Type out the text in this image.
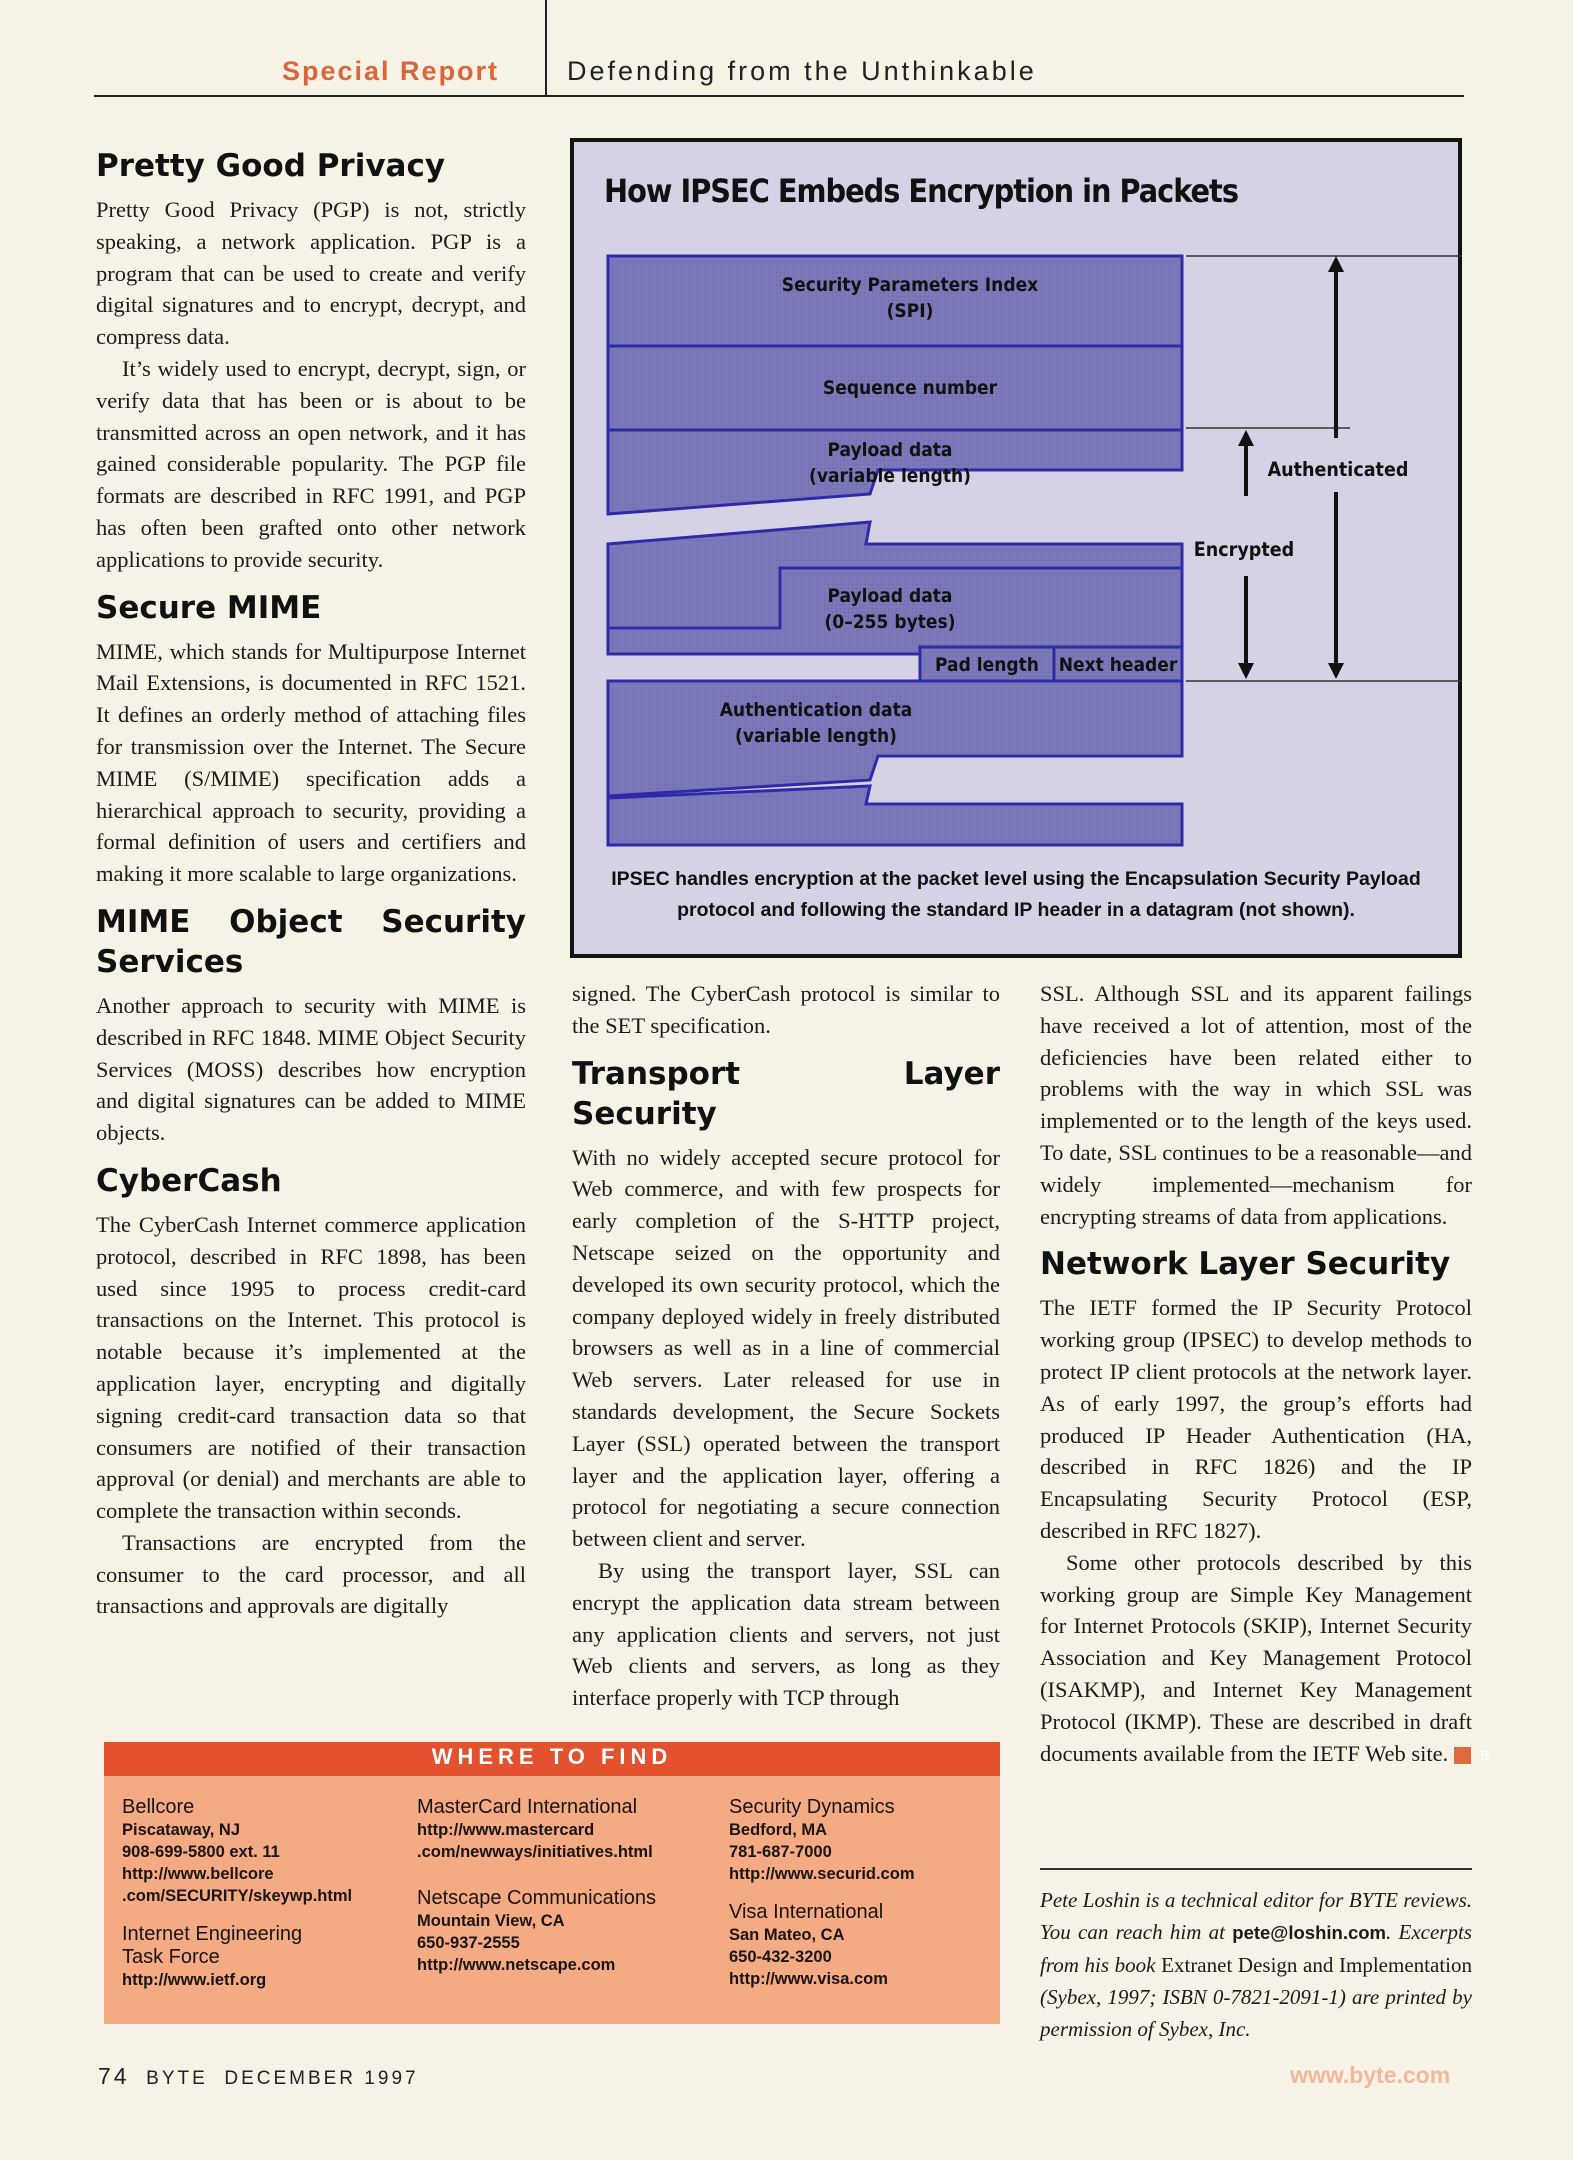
Special Report	Defending from the Unthinkable
Pretty Good Privacy

Pretty Good Privacy (PGP) is not, strictly speaking, a network application. PGP is a program that can be used to create and verify digital signatures and to encrypt, decrypt, and compress data.

It’s widely used to encrypt, decrypt, sign, or verify data that has been or is about to be transmitted across an open network, and it has gained considerable popularity. The PGP file formats are described in RFC 1991, and PGP has often been grafted onto other network applications to provide security.

Secure MIME

MIME, which stands for Multipurpose Internet Mail Extensions, is documented in RFC 1521. It defines an orderly method of attaching files for transmission over the Internet. The Secure MIME (S/MIME) specification adds a hierarchical approach to security, providing a formal definition of users and certifiers and making it more scalable to large organizations.

MIME Object Security Services

Another approach to security with MIME is described in RFC 1848. MIME Object Security Services (MOSS) describes how encryption and digital signatures can be added to MIME objects.

CyberCash

The CyberCash Internet commerce application protocol, described in RFC 1898, has been used since 1995 to process credit-card transactions on the Internet. This protocol is notable because it’s implemented at the application layer, encrypting and digitally signing credit-card transaction data so that consumers are notified of their transaction approval (or denial) and merchants are able to complete the transaction within seconds.

Transactions are encrypted from the consumer to the card processor, and all transactions and approvals are digitally

How IPSEC Embeds Encryption in Packets
Security Parameters Index
(SPI)
Sequence number
Payload data
(variable length)
Payload data
(0–255 bytes)
Pad length Next header
Authentication data
(variable length)
Authenticated
Encrypted
IPSEC handles encryption at the packet level using the Encapsulation Security Payload protocol and following the standard IP header in a datagram (not shown).

signed. The CyberCash protocol is similar to the SET specification.

Transport Layer Security

With no widely accepted secure protocol for Web commerce, and with few prospects for early completion of the S-HTTP project, Netscape seized on the opportunity and developed its own security protocol, which the company deployed widely in freely distributed browsers as well as in a line of commercial Web servers. Later released for use in standards development, the Secure Sockets Layer (SSL) operated between the transport layer and the application layer, offering a protocol for negotiating a secure connection between client and server.

By using the transport layer, SSL can encrypt the application data stream between any application clients and servers, not just Web clients and servers, as long as they interface properly with TCP through

SSL. Although SSL and its apparent failings have received a lot of attention, most of the deficiencies have been related either to problems with the way in which SSL was implemented or to the length of the keys used. To date, SSL continues to be a reasonable—and widely implemented—mechanism for encrypting streams of data from applications.

Network Layer Security

The IETF formed the IP Security Protocol working group (IPSEC) to develop methods to protect IP client protocols at the network layer. As of early 1997, the group’s efforts had produced IP Header Authentication (HA, described in RFC 1826) and the IP Encapsulating Security Protocol (ESP, described in RFC 1827).

Some other protocols described by this working group are Simple Key Management for Internet Protocols (SKIP), Internet Security Association and Key Management Protocol (ISAKMP), and Internet Key Management Protocol (IKMP). These are described in draft documents available from the IETF Web site. B

WHERE TO FIND
Bellcore
Piscataway, NJ
908-699-5800 ext. 11
http://www.bellcore
.com/SECURITY/skeywp.html
Internet Engineering
Task Force
http://www.ietf.org
MasterCard International
http://www.mastercard
.com/newways/initiatives.html
Netscape Communications
Mountain View, CA
650-937-2555
http://www.netscape.com
Security Dynamics
Bedford, MA
781-687-7000
http://www.securid.com
Visa International
San Mateo, CA
650-432-3200
http://www.visa.com
Pete Loshin is a technical editor for BYTE reviews. You can reach him at pete@loshin.com. Excerpts from his book Extranet Design and Implementation (Sybex, 1997; ISBN 0-7821-2091-1) are printed by permission of Sybex, Inc.
74 BYTE DECEMBER 1997	www.byte.com
